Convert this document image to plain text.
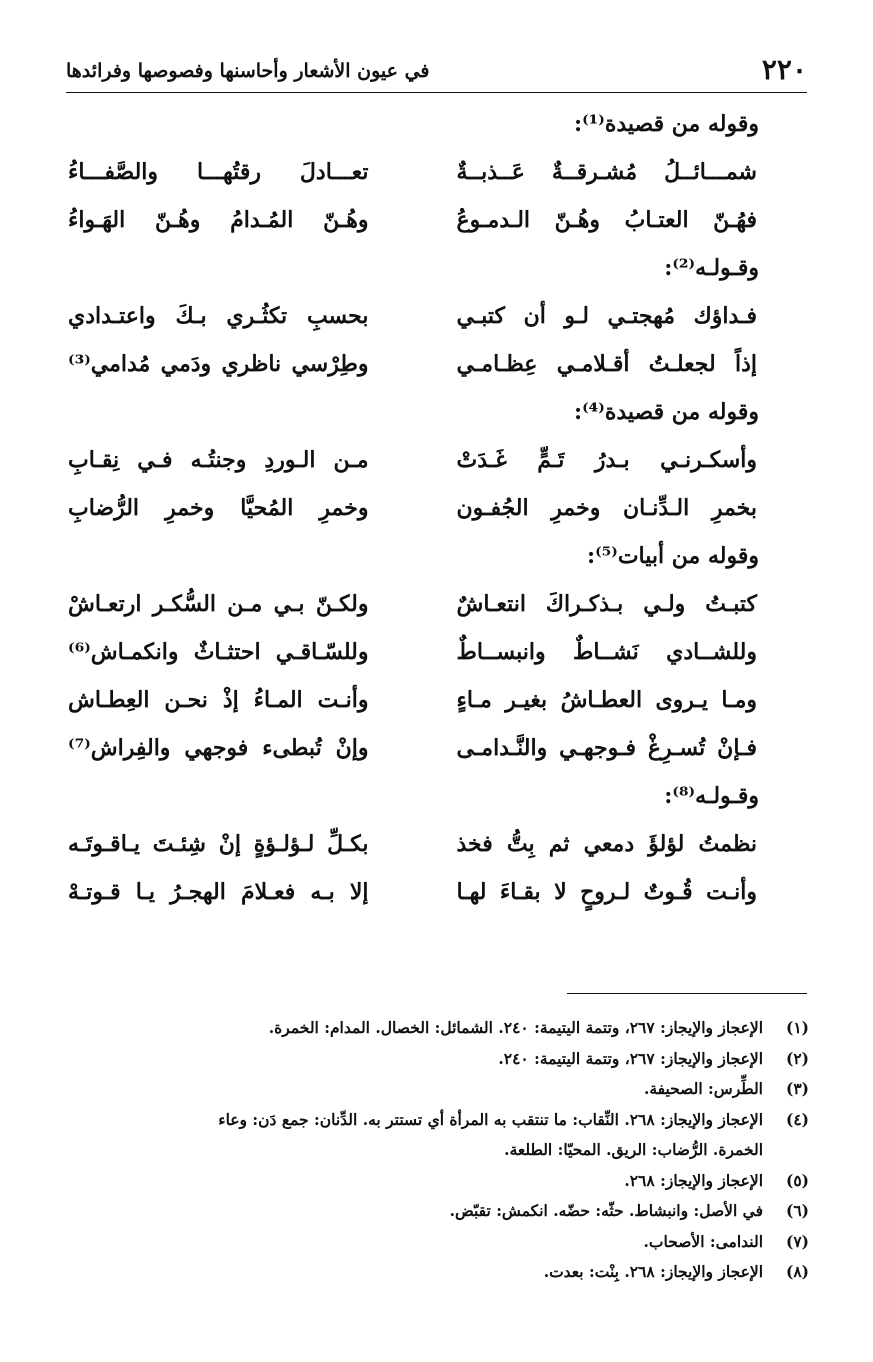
٢٢٠
في عيون الأشعار وأحاسنها وفصوصها وفرائدها
وقوله من قصيدة⁽¹⁾:
شمـــائــلُ مُشـرقــةٌ عَــذبــةٌ
تعـــادلَ رقتُهـــا والصَّفـــاءُ
فهُـنّ العتـابُ وهُـنّ الـدمـوعُ
وهُـنّ المُـدامُ وهُـنّ الهَـواءُ
وقـولـه⁽²⁾:
فـداؤك مُهجتـي لـو أن كتبـي
بحسبِ تكثُـري بـكَ واعتـدادي
إذاً لجعلـتُ أقـلامـي عِظـامـي
وطِرْسي ناظري ودَمي مُدامي⁽³⁾
وقوله من قصيدة⁽⁴⁾:
وأسكـرنـي بـدرُ تَـمٍّ غَـدَتْ
مـن الـوردِ وجنتُـه فـي نِقـابِ
بخمرِ الـدِّنـان وخمرِ الجُفـون
وخمرِ المُحيَّا وخمرِ الرُّضابِ
وقوله من أبيات⁽⁵⁾:
كتبـتُ ولـي بـذكـراكَ انتعـاشٌ
ولكـنّ بـي مـن السُّكـر ارتعـاشْ
وللشــادي نَشــاطٌ وانبســاطٌ
وللسّـاقـي احتثـاثٌ وانكمـاش⁽⁶⁾
ومـا يـروى العطـاشُ بغيـر مـاءٍ
وأنـت المـاءُ إذْ نحـن العِطـاش
فـإنْ تُسـرِغْ فـوجهـي والنَّـدامـى
وإنْ تُبطىء فوجهي والفِراش⁽⁷⁾
وقـولـه⁽⁸⁾:
نظمتُ لؤلؤَ دمعي ثم بِتُّ فخذ
بكـلِّ لـؤلـؤةٍ إنْ شِئـتَ يـاقـوتَـه
وأنـت قُـوتٌ لـروحٍ لا بقـاءَ لهـا
إلا بـه فعـلامَ الهجـرُ يـا قـوتـهْ
(١)
الإعجاز والإيجاز: ٢٦٧، وتتمة اليتيمة: ٢٤٠. الشمائل: الخصال. المدام: الخمرة.
(٢)
الإعجاز والإيجاز: ٢٦٧، وتتمة اليتيمة: ٢٤٠.
(٣)
الطِّرس: الصحيفة.
(٤)
الإعجاز والإيجاز: ٢٦٨. النِّقاب: ما تنتقب به المرأة أي تستتر به. الدِّنان: جمع دَن: وعاء
الخمرة. الرُّضاب: الريق. المحيّا: الطلعة.
(٥)
الإعجاز والإيجاز: ٢٦٨.
(٦)
في الأصل: وانبشاط. حثّه: حضّه. انكمش: تقبّض.
(٧)
الندامى: الأصحاب.
(٨)
الإعجاز والإيجاز: ٢٦٨. بِنْت: بعدت.
